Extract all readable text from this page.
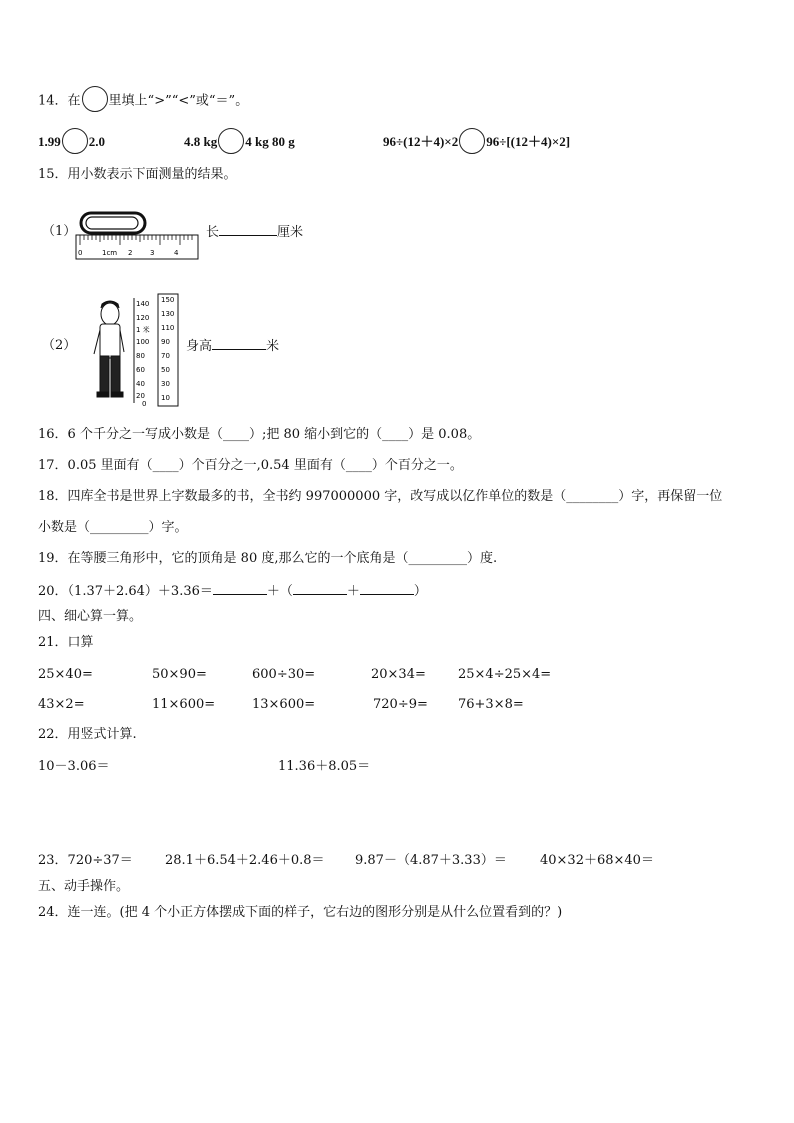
14．在 里填上“>”“<”或“＝”。
1.99 2.0	4.8 kg 4 kg 80 g	96÷(12＋4)×2 96÷[(12＋4)×2]
15．用小数表示下面测量的结果。
（1）
0	1cm 2	3	4
长	厘米
（2）
140
120
1 米
100
80
60
40
20
0
150
130
110
90
70
50
30
10
身高	米
16．6 个千分之一写成小数是（____）;把 80 缩小到它的（____）是 0.08。
17．0.05 里面有（____）个百分之一,0.54 里面有（____）个百分之一。
18．四库全书是世界上字数最多的书，全书约 997000000 字，改写成以亿作单位的数是（________）字，再保留一位
小数是（_________）字。
19．在等腰三角形中，它的顶角是 80 度,那么它的一个底角是（_________）度.
20．（1.37＋2.64）＋3.36＝	＋（	＋	）
四、细心算一算。
21．口算
25×40=	50×90=	600÷30=	20×34= 25×4÷25×4=
43×2=	11×600=	13×600=	720÷9= 76+3×8=
22．用竖式计算.
10－3.06＝	11.36＋8.05＝
23．720÷37＝ 28.1＋6.54＋2.46＋0.8＝ 9.87－（4.87＋3.33）＝	40×32＋68×40＝
五、动手操作。
24．连一连。(把 4 个小正方体摆成下面的样子，它右边的图形分别是从什么位置看到的？)
